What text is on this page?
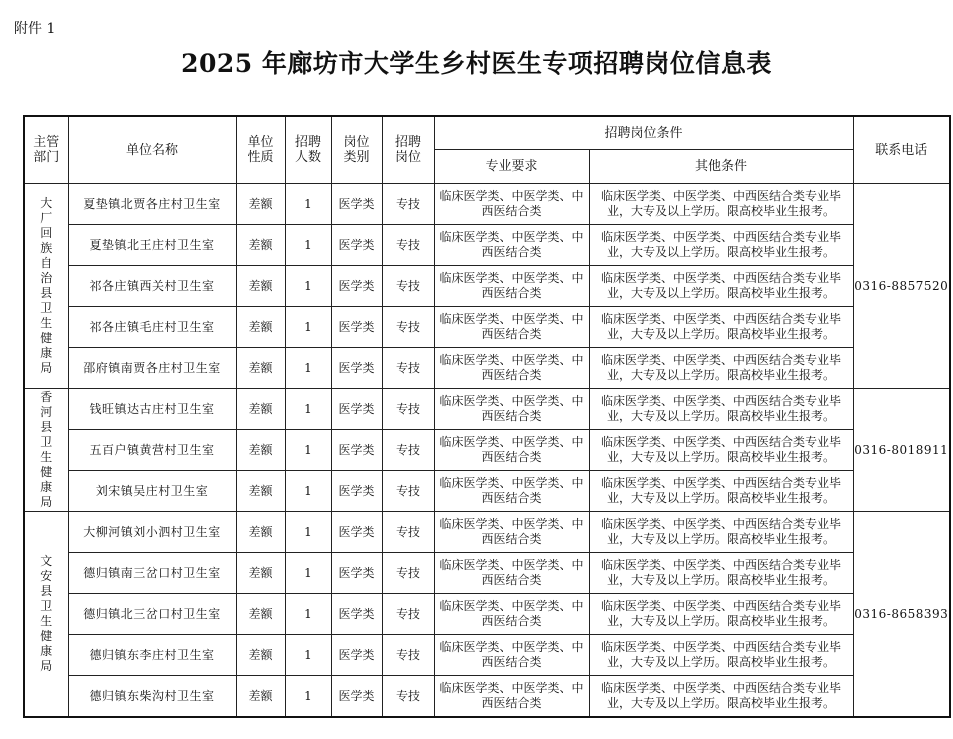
附件 1
2025 年廊坊市大学生乡村医生专项招聘岗位信息表
主管部门	单位名称	单位性质	招聘人数	岗位类别	招聘岗位	招聘岗位条件		联系电话
						专业要求	其他条件	
大厂回族自治县卫生健康局	夏垫镇北贾各庄村卫生室	差额	1	医学类	专技	临床医学类、中医学类、中西医结合类	临床医学类、中医学类、中西医结合类专业毕业，大专及以上学历。限高校毕业生报考。	0316-8857520
	夏垫镇北王庄村卫生室	差额	1	医学类	专技	临床医学类、中医学类、中西医结合类	临床医学类、中医学类、中西医结合类专业毕业，大专及以上学历。限高校毕业生报考。	
	祁各庄镇西关村卫生室	差额	1	医学类	专技	临床医学类、中医学类、中西医结合类	临床医学类、中医学类、中西医结合类专业毕业，大专及以上学历。限高校毕业生报考。	
	祁各庄镇毛庄村卫生室	差额	1	医学类	专技	临床医学类、中医学类、中西医结合类	临床医学类、中医学类、中西医结合类专业毕业，大专及以上学历。限高校毕业生报考。	
	邵府镇南贾各庄村卫生室	差额	1	医学类	专技	临床医学类、中医学类、中西医结合类	临床医学类、中医学类、中西医结合类专业毕业，大专及以上学历。限高校毕业生报考。	
香河县卫生健康局	钱旺镇达古庄村卫生室	差额	1	医学类	专技	临床医学类、中医学类、中西医结合类	临床医学类、中医学类、中西医结合类专业毕业，大专及以上学历。限高校毕业生报考。	0316-8018911
	五百户镇黄营村卫生室	差额	1	医学类	专技	临床医学类、中医学类、中西医结合类	临床医学类、中医学类、中西医结合类专业毕业，大专及以上学历。限高校毕业生报考。	
	刘宋镇吴庄村卫生室	差额	1	医学类	专技	临床医学类、中医学类、中西医结合类	临床医学类、中医学类、中西医结合类专业毕业，大专及以上学历。限高校毕业生报考。	
文安县卫生健康局	大柳河镇刘小泗村卫生室	差额	1	医学类	专技	临床医学类、中医学类、中西医结合类	临床医学类、中医学类、中西医结合类专业毕业，大专及以上学历。限高校毕业生报考。	0316-8658393
	德归镇南三岔口村卫生室	差额	1	医学类	专技	临床医学类、中医学类、中西医结合类	临床医学类、中医学类、中西医结合类专业毕业，大专及以上学历。限高校毕业生报考。	
	德归镇北三岔口村卫生室	差额	1	医学类	专技	临床医学类、中医学类、中西医结合类	临床医学类、中医学类、中西医结合类专业毕业，大专及以上学历。限高校毕业生报考。	
	德归镇东李庄村卫生室	差额	1	医学类	专技	临床医学类、中医学类、中西医结合类	临床医学类、中医学类、中西医结合类专业毕业，大专及以上学历。限高校毕业生报考。	
	德归镇东柴沟村卫生室	差额	1	医学类	专技	临床医学类、中医学类、中西医结合类	临床医学类、中医学类、中西医结合类专业毕业，大专及以上学历。限高校毕业生报考。	
